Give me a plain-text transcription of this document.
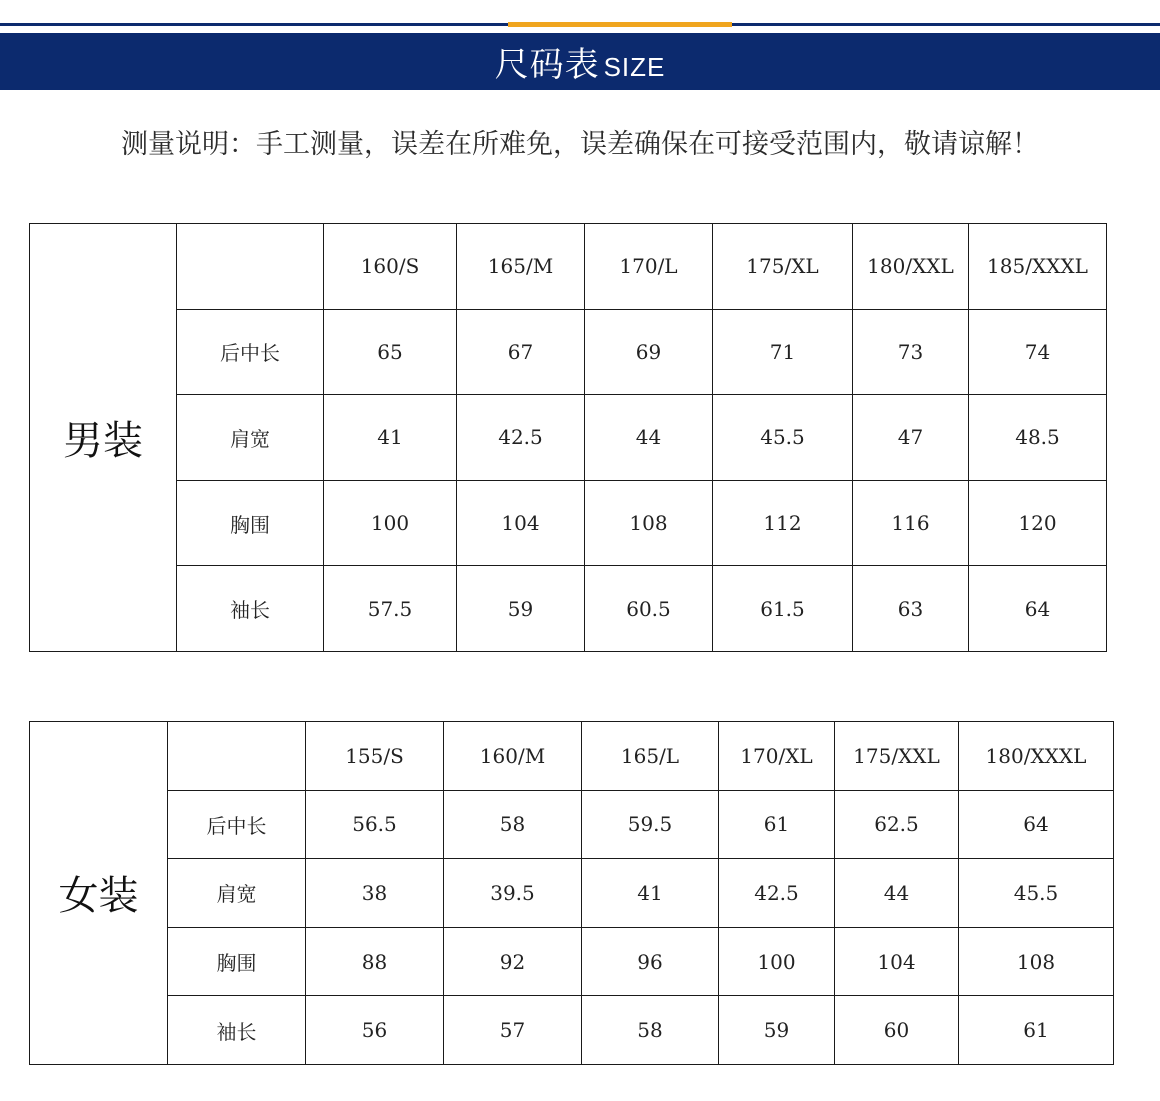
尺码表 SIZE
测量说明：手工测量，误差在所难免，误差确保在可接受范围内，敬请谅解！
男装		160/S	165/M	170/L	175/XL	180/XXL	185/XXXL
	后中长	65	67	69	71	73	74
	肩宽	41	42.5	44	45.5	47	48.5
	胸围	100	104	108	112	116	120
	袖长	57.5	59	60.5	61.5	63	64
女装		155/S	160/M	165/L	170/XL	175/XXL	180/XXXL
	后中长	56.5	58	59.5	61	62.5	64
	肩宽	38	39.5	41	42.5	44	45.5
	胸围	88	92	96	100	104	108
	袖长	56	57	58	59	60	61
